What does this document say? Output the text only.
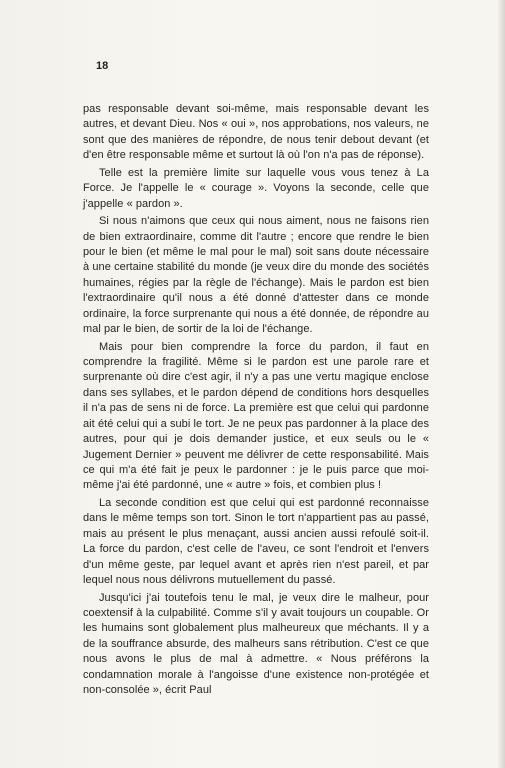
18

pas responsable devant soi-même, mais responsable devant les autres, et devant Dieu. Nos « oui », nos approbations, nos valeurs, ne sont que des manières de répondre, de nous tenir debout devant (et d'en être responsable même et surtout là où l'on n'a pas de réponse).

Telle est la première limite sur laquelle vous vous tenez à La Force. Je l'appelle le « courage ». Voyons la seconde, celle que j'appelle « pardon ».

Si nous n'aimons que ceux qui nous aiment, nous ne faisons rien de bien extraordinaire, comme dit l'autre ; encore que rendre le bien pour le bien (et même le mal pour le mal) soit sans doute nécessaire à une certaine stabilité du monde (je veux dire du monde des sociétés humaines, régies par la règle de l'échange). Mais le pardon est bien l'extraordinaire qu'il nous a été donné d'attester dans ce monde ordinaire, la force surprenante qui nous a été donnée, de répondre au mal par le bien, de sortir de la loi de l'échange.

Mais pour bien comprendre la force du pardon, il faut en comprendre la fragilité. Même si le pardon est une parole rare et surprenante où dire c'est agir, il n'y a pas une vertu magique enclose dans ses syllabes, et le pardon dépend de conditions hors desquelles il n'a pas de sens ni de force. La première est que celui qui pardonne ait été celui qui a subi le tort. Je ne peux pas pardonner à la place des autres, pour qui je dois demander justice, et eux seuls ou le « Jugement Dernier » peuvent me délivrer de cette responsabilité. Mais ce qui m'a été fait je peux le pardonner : je le puis parce que moi-même j'ai été pardonné, une « autre » fois, et combien plus !

La seconde condition est que celui qui est pardonné reconnaisse dans le même temps son tort. Sinon le tort n'appartient pas au passé, mais au présent le plus menaçant, aussi ancien aussi refoulé soit-il. La force du pardon, c'est celle de l'aveu, ce sont l'endroit et l'envers d'un même geste, par lequel avant et après rien n'est pareil, et par lequel nous nous délivrons mutuellement du passé.

Jusqu'ici j'ai toutefois tenu le mal, je veux dire le malheur, pour coextensif à la culpabilité. Comme s'il y avait toujours un coupable. Or les humains sont globalement plus malheureux que méchants. Il y a de la souffrance absurde, des malheurs sans rétribution. C'est ce que nous avons le plus de mal à admettre. « Nous préférons la condamnation morale à l'angoisse d'une existence non-protégée et non-consolée », écrit Paul
